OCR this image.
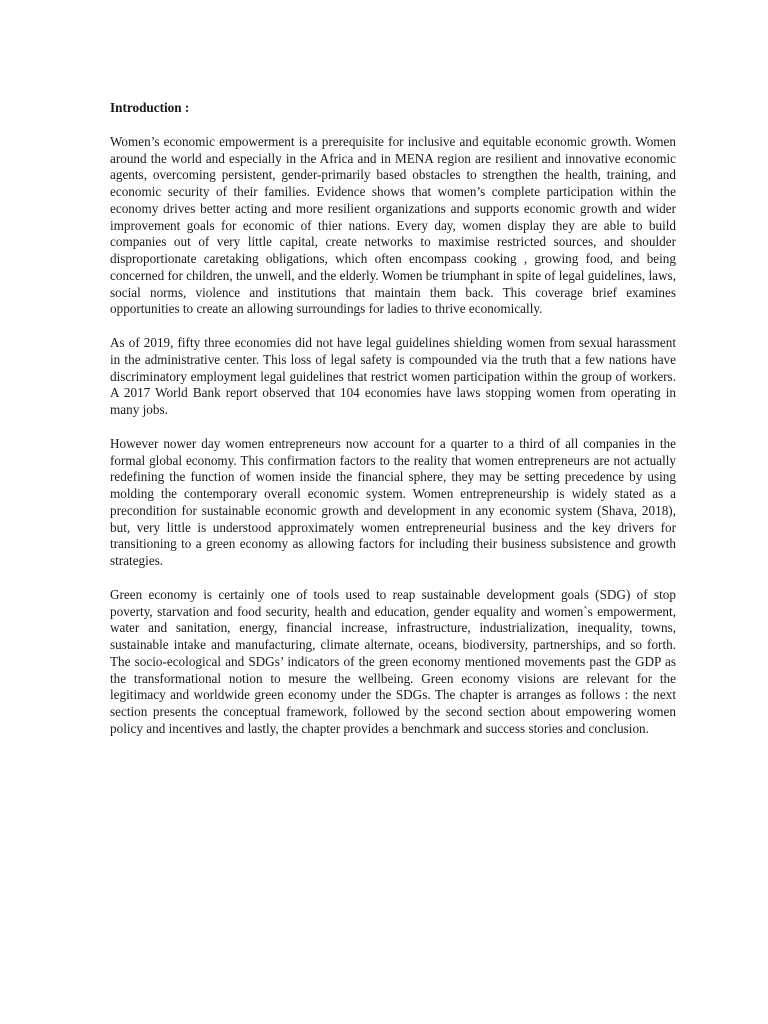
Introduction :

Women’s economic empowerment is a prerequisite for inclusive and equitable economic growth. Women around the world and especially in the Africa and in MENA region are resilient and innovative economic agents, overcoming persistent, gender-primarily based obstacles to strengthen the health, training, and economic security of their families. Evidence shows that women’s complete participation within the economy drives better acting and more resilient organizations and supports economic growth and wider improvement goals for economic of thier nations. Every day, women display they are able to build companies out of very little capital, create networks to maximise restricted sources, and shoulder disproportionate caretaking obligations, which often encompass cooking , growing food, and being concerned for children, the unwell, and the elderly. Women be triumphant in spite of legal guidelines, laws, social norms, violence and institutions that maintain them back. This coverage brief examines opportunities to create an allowing surroundings for ladies to thrive economically.

As of 2019, fifty three economies did not have legal guidelines shielding women from sexual harassment in the administrative center. This loss of legal safety is compounded via the truth that a few nations have discriminatory employment legal guidelines that restrict women participation within the group of workers. A 2017 World Bank report observed that 104 economies have laws stopping women from operating in many jobs.

However nower day women entrepreneurs now account for a quarter to a third of all companies in the formal global economy. This confirmation factors to the reality that women entrepreneurs are not actually redefining the function of women inside the financial sphere, they may be setting precedence by using molding the contemporary overall economic system. Women entrepreneurship is widely stated as a precondition for sustainable economic growth and development in any economic system (Shava, 2018), but, very little is understood approximately women entrepreneurial business and the key drivers for transitioning to a green economy as allowing factors for including their business subsistence and growth strategies.

Green economy is certainly one of tools used to reap sustainable development goals (SDG) of stop poverty, starvation and food security, health and education, gender equality and women`s empowerment, water and sanitation, energy, financial increase, infrastructure, industrialization, inequality, towns, sustainable intake and manufacturing, climate alternate, oceans, biodiversity, partnerships, and so forth. The socio-ecological and SDGs’ indicators of the green economy mentioned movements past the GDP as the transformational notion to mesure the wellbeing. Green economy visions are relevant for the legitimacy and worldwide green economy under the SDGs. The chapter is arranges as follows : the next section presents the conceptual framework, followed by the second section about empowering women policy and incentives and lastly, the chapter provides a benchmark and success stories and conclusion.
